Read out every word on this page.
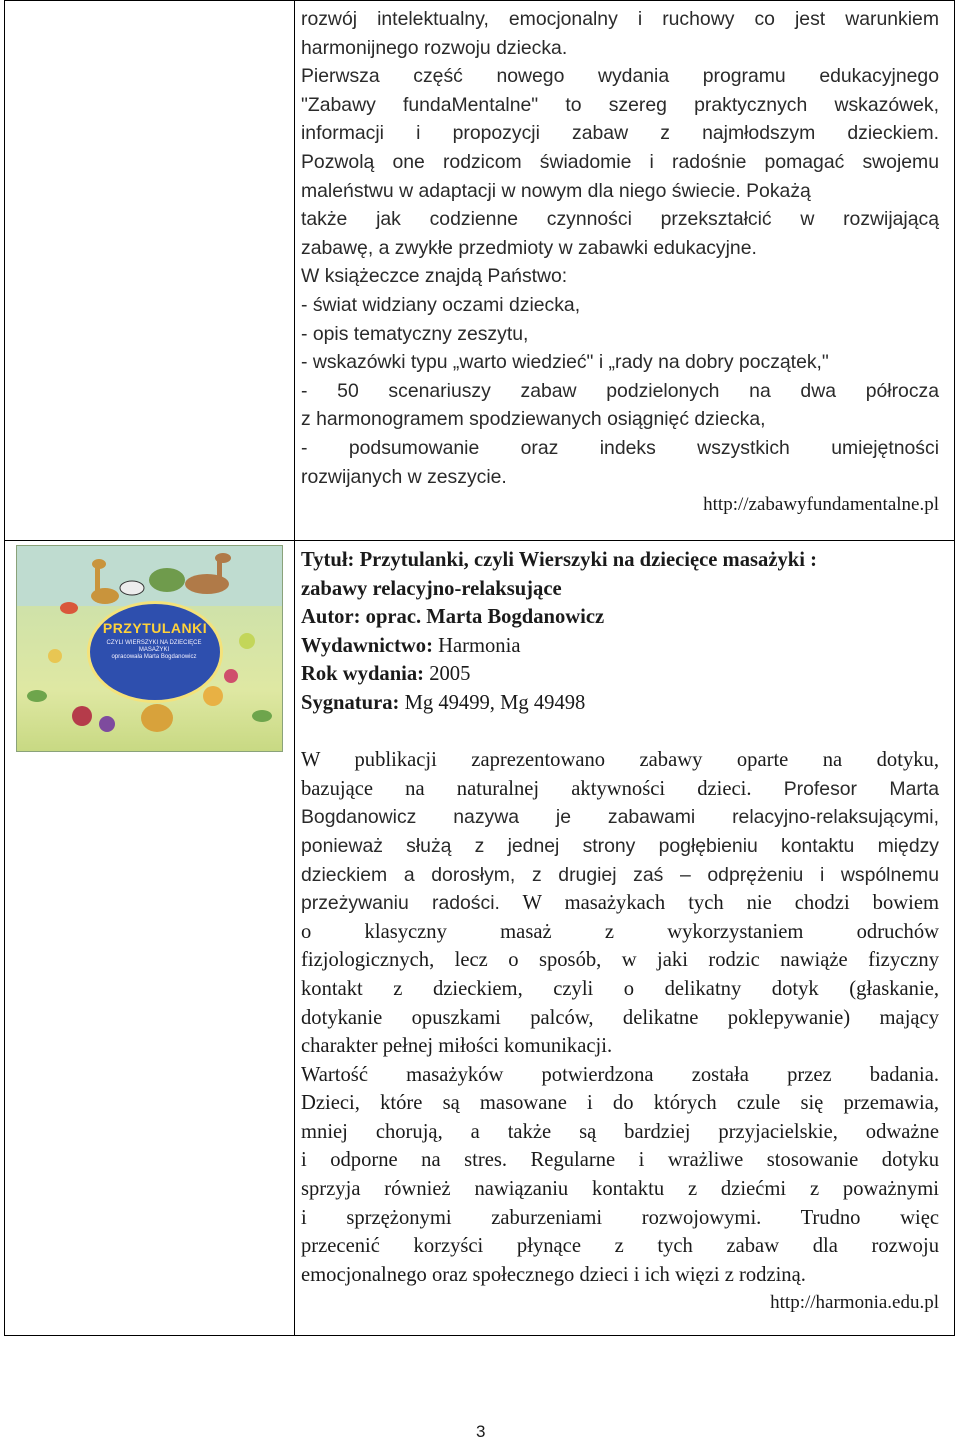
rozwój intelektualny, emocjonalny i ruchowy co jest warunkiem
harmonijnego rozwoju dziecka.
Pierwsza część nowego wydania programu edukacyjnego
"Zabawy fundaMentalne" to szereg praktycznych wskazówek,
informacji i propozycji zabaw z najmłodszym dzieckiem.
Pozwolą one rodzicom świadomie i radośnie pomagać swojemu
maleństwu w adaptacji w nowym dla niego świecie. Pokażą
także jak codzienne czynności przekształcić w rozwijającą
zabawę, a zwykłe przedmioty w zabawki edukacyjne.
W książeczce znajdą Państwo:
- świat widziany oczami dziecka,
- opis tematyczny zeszytu,
- wskazówki typu „warto wiedzieć" i „rady na dobry początek,"
- 50 scenariuszy zabaw podzielonych na dwa półrocza
z harmonogramem spodziewanych osiągnięć dziecka,
- podsumowanie oraz indeks wszystkich umiejętności
rozwijanych w zeszycie.
http://zabawyfundamentalne.pl
PRZYTULANKI
CZYLI WIERSZYKI NA DZIECIĘCE MASAŻYKI
opracowała Marta Bogdanowicz
Tytuł: Przytulanki, czyli Wierszyki na dziecięce masażyki :
zabawy relacyjno-relaksujące
Autor: oprac. Marta Bogdanowicz
Wydawnictwo: Harmonia
Rok wydania: 2005
Sygnatura: Mg 49499, Mg 49498
W publikacji zaprezentowano zabawy oparte na dotyku,
bazujące na naturalnej aktywności dzieci. Profesor Marta
Bogdanowicz nazywa je zabawami relacyjno-relaksującymi,
ponieważ służą z jednej strony pogłębieniu kontaktu między
dzieckiem a dorosłym, z drugiej zaś – odprężeniu i wspólnemu
przeżywaniu radości. W masażykach tych nie chodzi bowiem
o klasyczny masaż z wykorzystaniem odruchów
fizjologicznych, lecz o sposób, w jaki rodzic nawiąże fizyczny
kontakt z dzieckiem, czyli o delikatny dotyk (głaskanie,
dotykanie opuszkami palców, delikatne poklepywanie) mający
charakter pełnej miłości komunikacji.
Wartość masażyków potwierdzona została przez badania.
Dzieci, które są masowane i do których czule się przemawia,
mniej chorują, a także są bardziej przyjacielskie, odważne
i odporne na stres. Regularne i wrażliwe stosowanie dotyku
sprzyja również nawiązaniu kontaktu z dziećmi z poważnymi
i sprzężonymi zaburzeniami rozwojowymi. Trudno więc
przecenić korzyści płynące z tych zabaw dla rozwoju
emocjonalnego oraz społecznego dzieci i ich więzi z rodziną.
http://harmonia.edu.pl
3
